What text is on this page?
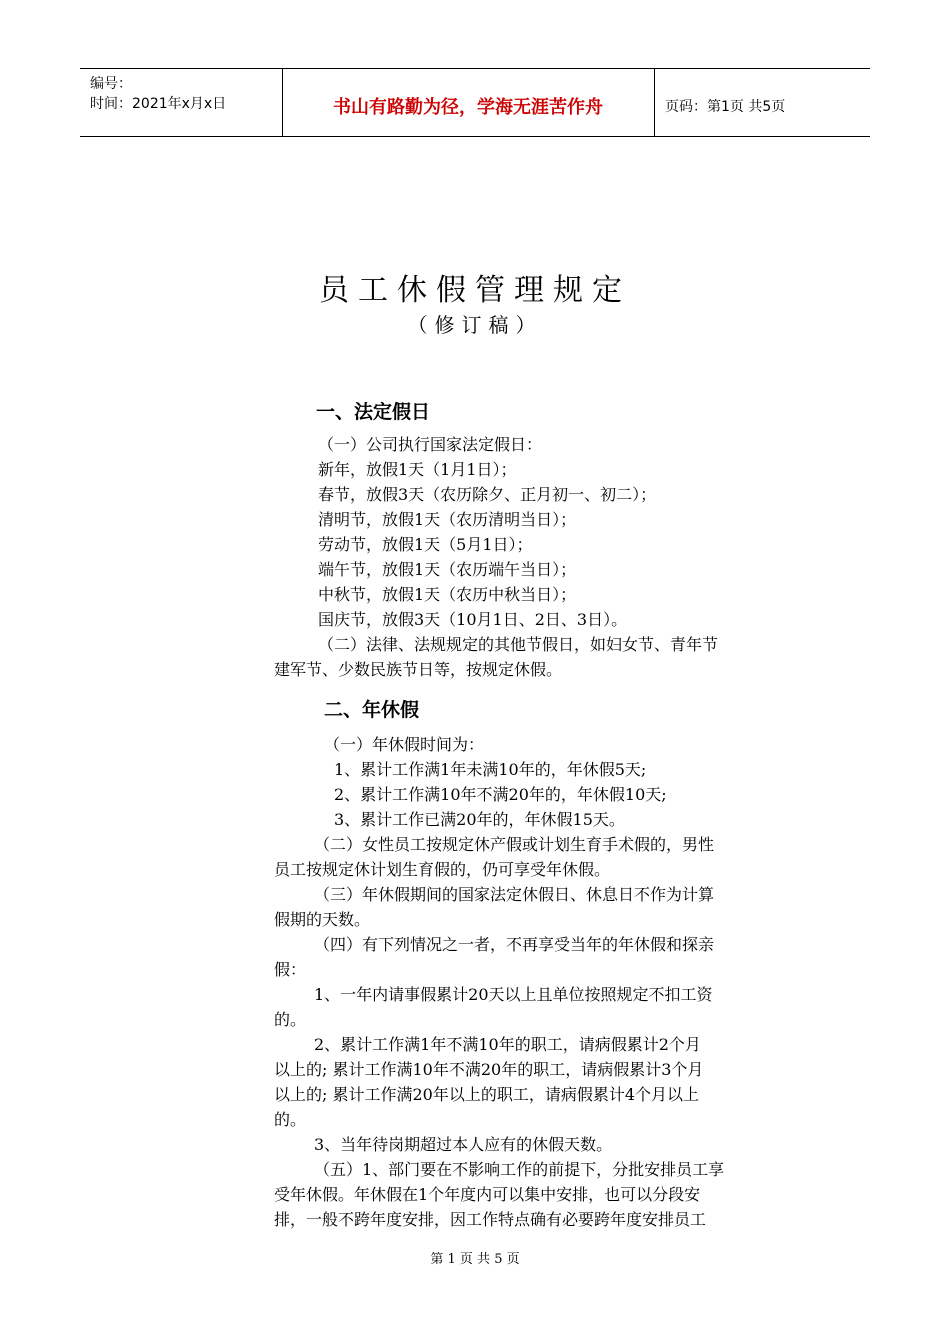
编号：
时间：2021年x月x日	书山有路勤为径，学海无涯苦作舟	页码：第1页 共5页
员工休假管理规定
（修订稿）
一、法定假日
（一）公司执行国家法定假日：
新年，放假1天（1月1日）；
春节，放假3天（农历除夕、正月初一、初二）；
清明节，放假1天（农历清明当日）；
劳动节，放假1天（5月1日）；
端午节，放假1天（农历端午当日）；
中秋节，放假1天（农历中秋当日）；
国庆节，放假3天（10月1日、2日、3日）。
（二）法律、法规规定的其他节假日，如妇女节、青年节
建军节、少数民族节日等，按规定休假。
二、年休假
（一）年休假时间为：
1、累计工作满1年未满10年的，年休假5天;
2、累计工作满10年不满20年的，年休假10天;
3、累计工作已满20年的，年休假15天。
（二）女性员工按规定休产假或计划生育手术假的，男性
员工按规定休计划生育假的，仍可享受年休假。
（三）年休假期间的国家法定休假日、休息日不作为计算
假期的天数。
（四）有下列情况之一者，不再享受当年的年休假和探亲
假：
1、一年内请事假累计20天以上且单位按照规定不扣工资
的。
2、累计工作满1年不满10年的职工，请病假累计2个月
以上的; 累计工作满10年不满20年的职工，请病假累计3个月
以上的; 累计工作满20年以上的职工，请病假累计4个月以上
的。
3、当年待岗期超过本人应有的休假天数。
（五）1、部门要在不影响工作的前提下，分批安排员工享
受年休假。年休假在1个年度内可以集中安排，也可以分段安
排，一般不跨年度安排，因工作特点确有必要跨年度安排员工
第 1 页 共 5 页
